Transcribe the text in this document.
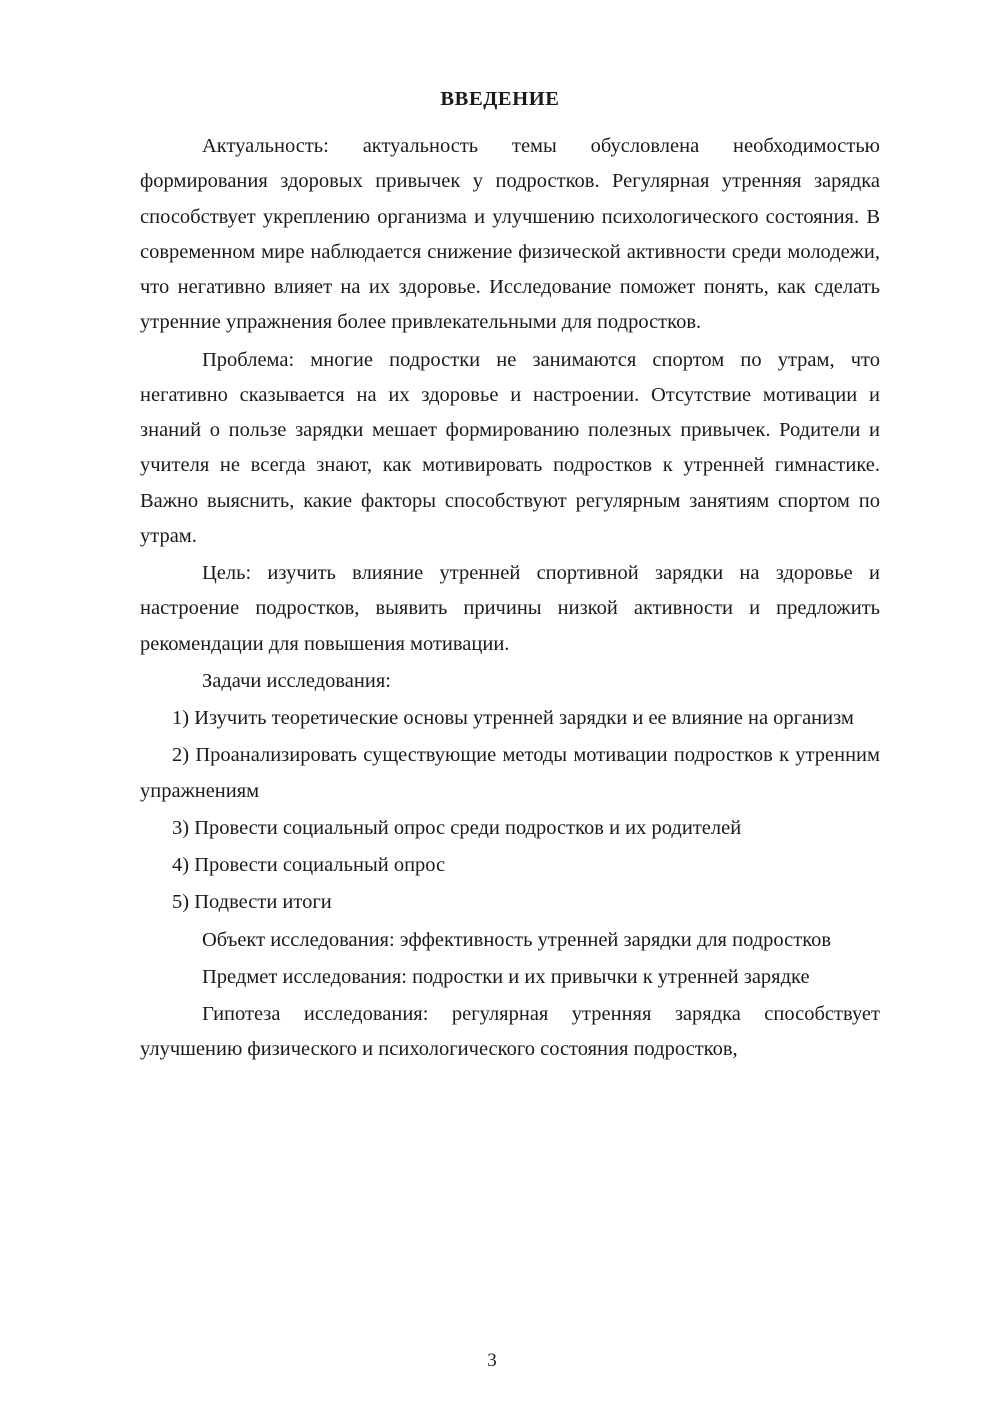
ВВЕДЕНИЕ

Актуальность: актуальность темы обусловлена необходимостью формирования здоровых привычек у подростков. Регулярная утренняя зарядка способствует укреплению организма и улучшению психологического состояния. В современном мире наблюдается снижение физической активности среди молодежи, что негативно влияет на их здоровье. Исследование поможет понять, как сделать утренние упражнения более привлекательными для подростков.

Проблема: многие подростки не занимаются спортом по утрам, что негативно сказывается на их здоровье и настроении. Отсутствие мотивации и знаний о пользе зарядки мешает формированию полезных привычек. Родители и учителя не всегда знают, как мотивировать подростков к утренней гимнастике. Важно выяснить, какие факторы способствуют регулярным занятиям спортом по утрам.

Цель: изучить влияние утренней спортивной зарядки на здоровье и настроение подростков, выявить причины низкой активности и предложить рекомендации для повышения мотивации.

Задачи исследования:

1) Изучить теоретические основы утренней зарядки и ее влияние на организм

2) Проанализировать существующие методы мотивации подростков к утренним упражнениям

3) Провести социальный опрос среди подростков и их родителей

4) Провести социальный опрос

5) Подвести итоги

Объект исследования: эффективность утренней зарядки для подростков

Предмет исследования: подростки и их привычки к утренней зарядке

Гипотеза исследования: регулярная утренняя зарядка способствует улучшению физического и психологического состояния подростков,

3
